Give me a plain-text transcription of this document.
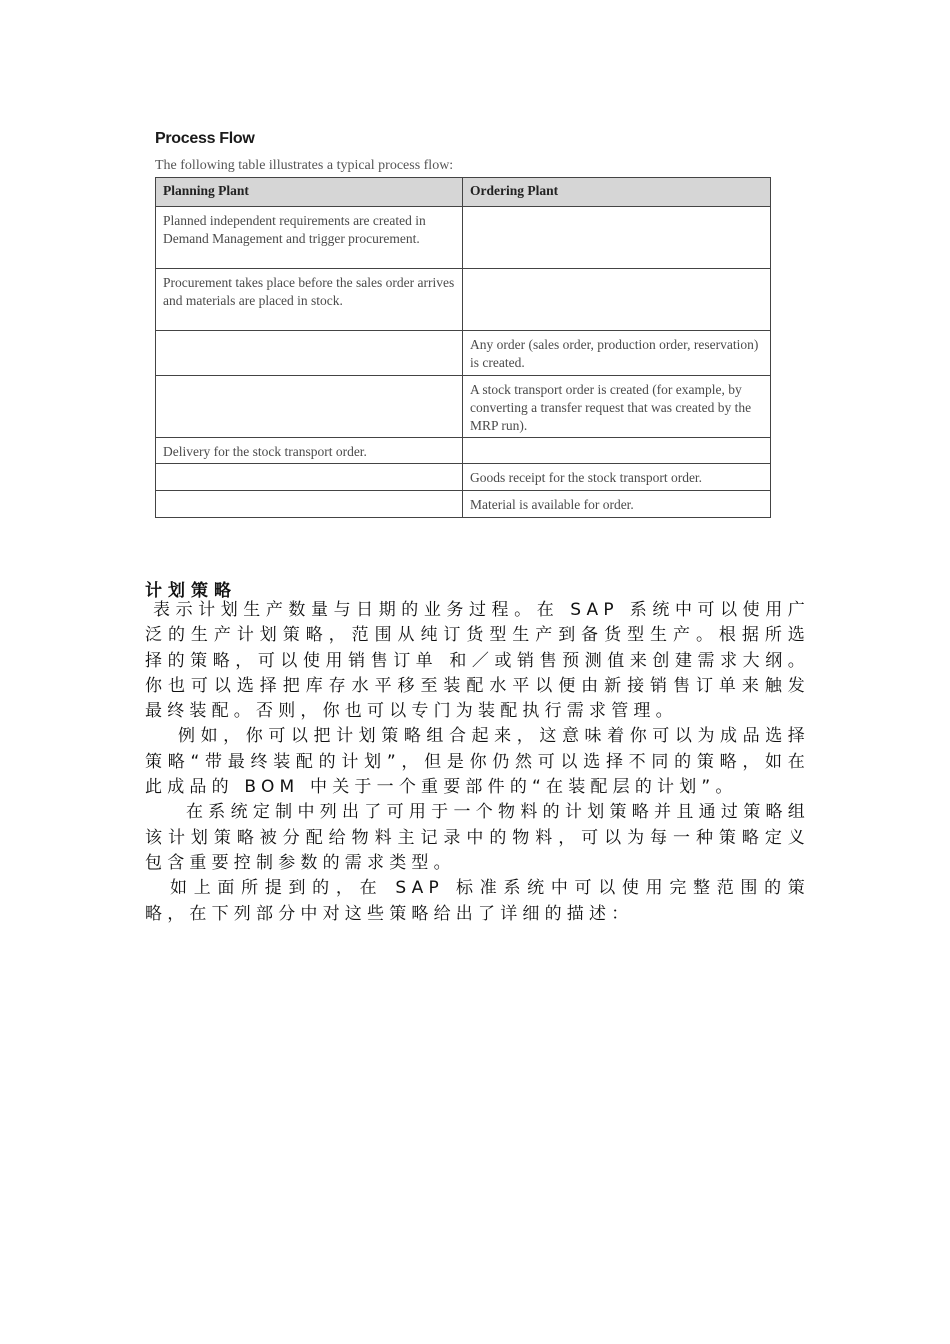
Process Flow
The following table illustrates a typical process flow:
Planning Plant	Ordering Plant
Planned independent requirements are created in Demand Management and trigger procurement.	
Procurement takes place before the sales order arrives and materials are placed in stock.	
	Any order (sales order, production order, reservation) is created.
	A stock transport order is created (for example, by converting a transfer request that was created by the MRP run).
Delivery for the stock transport order.	
	Goods receipt for the stock transport order.
	Material is available for order.
计划策略

表示计划生产数量与日期的业务过程。在 SAP 系统中可以使用广泛的生产计划策略，范围从纯订货型生产到备货型生产。根据所选择的策略，可以使用销售订单 和／或销售预测值来创建需求大纲。你也可以选择把库存水平移至装配水平以便由新接销售订单来触发最终装配。否则，你也可以专门为装配执行需求管理。

例如，你可以把计划策略组合起来，这意味着你可以为成品选择策略“带最终装配的计划”，但是你仍然可以选择不同的策略，如在此成品的 BOM 中关于一个重要部件的“在装配层的计划”。

在系统定制中列出了可用于一个物料的计划策略并且通过策略组该计划策略被分配给物料主记录中的物料，可以为每一种策略定义包含重要控制参数的需求类型。

如上面所提到的，在 SAP 标准系统中可以使用完整范围的策略，在下列部分中对这些策略给出了详细的描述：
